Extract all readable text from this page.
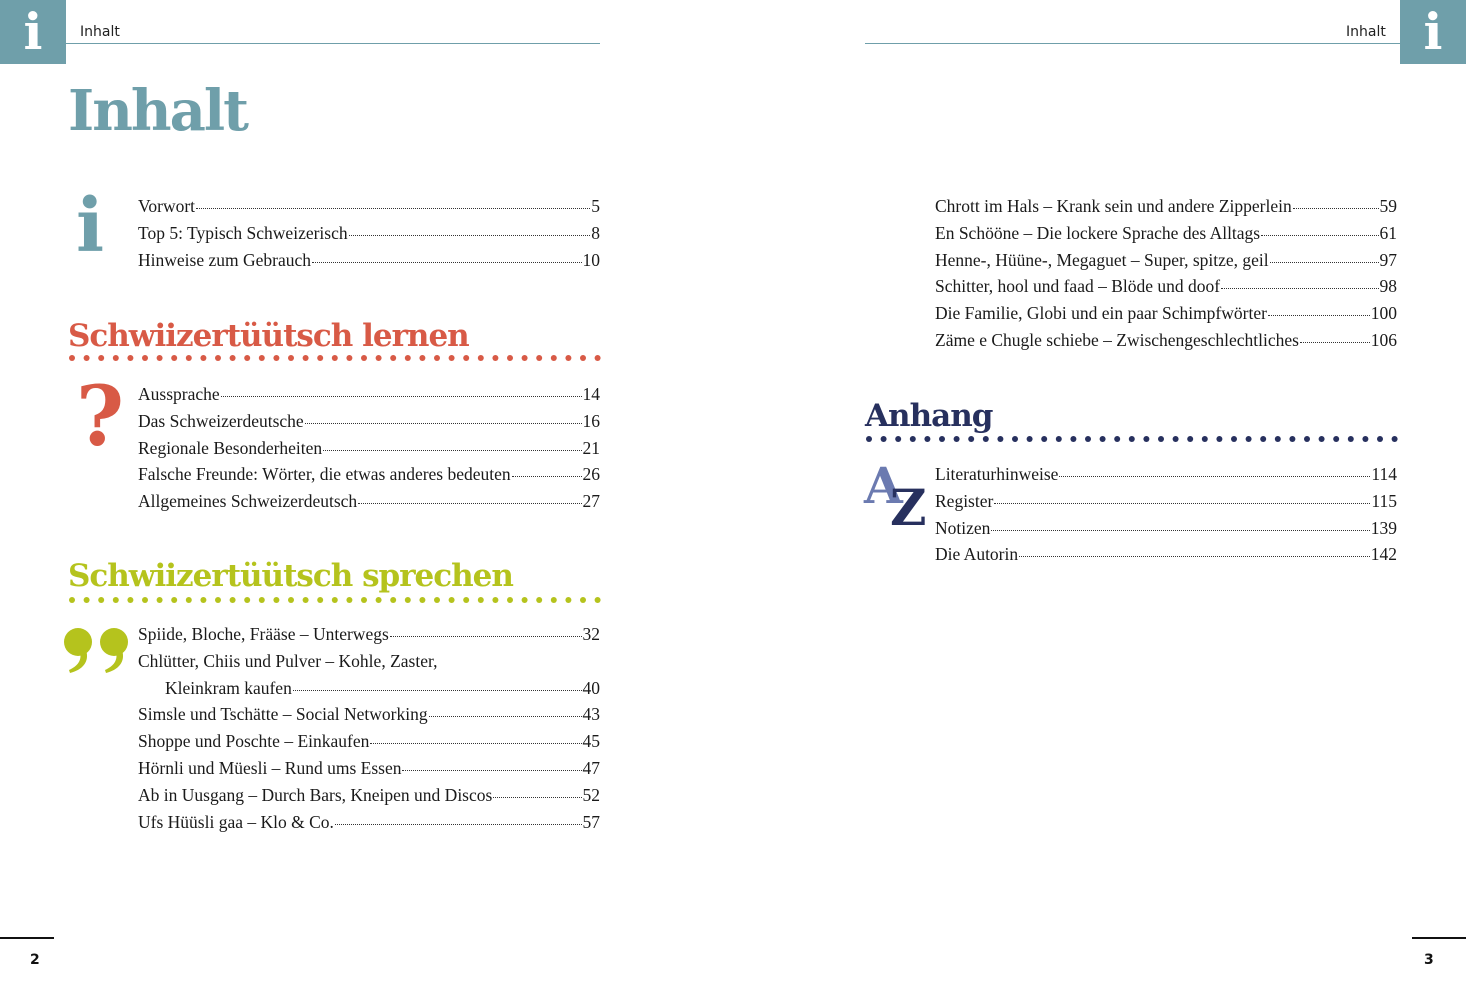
i	Inhalt
Inhalt
i Vorwort	5
Top 5: Typisch Schweizerisch	8
Hinweise zum Gebrauch	10
Schwiizertüütsch lernen
? Aussprache	14
Das Schweizerdeutsche	16
Regionale Besonderheiten	21
Falsche Freunde: Wörter, die etwas anderes bedeuten	26
Allgemeines Schweizerdeutsch	27
Schwiizertüütsch sprechen
Spiide, Bloche, Frääse – Unterwegs	32
Chlütter, Chiis und Pulver – Kohle, Zaster,
Kleinkram kaufen	40
Simsle und Tschätte – Social Networking	43
Shoppe und Poschte – Einkaufen	45
Hörnli und Müesli – Rund ums Essen	47
Ab in Uusgang – Durch Bars, Kneipen und Discos	52
Ufs Hüüsli gaa – Klo & Co.	57
2
i
Inhalt
Chrott im Hals – Krank sein und andere Zipperlein	59
En Schööne – Die lockere Sprache des Alltags	61
Henne-, Hüüne-, Megaguet – Super, spitze, geil	97
Schitter, hool und faad – Blöde und doof	98
Die Familie, Globi und ein paar Schimpfwörter	100
Zäme e Chugle schiebe – Zwischengeschlechtliches	106
Anhang
A
Z
Literaturhinweise	114
Register	115
Notizen	139
Die Autorin	142
3
